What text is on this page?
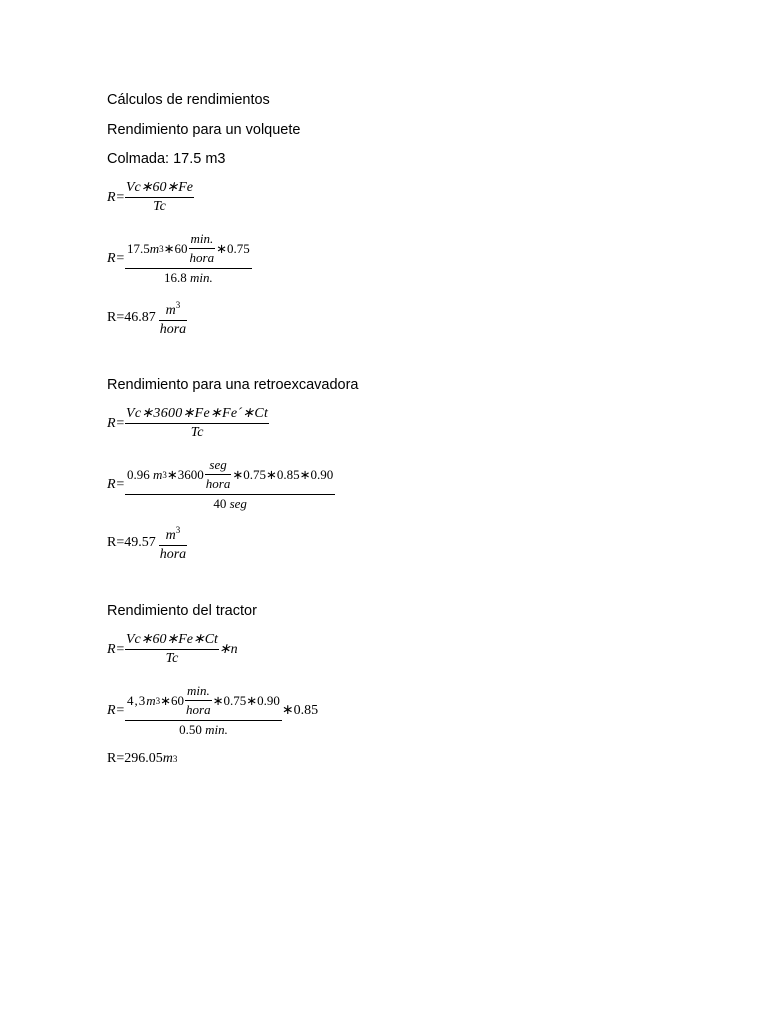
Cálculos de rendimientos
Rendimiento para un volquete
Colmada: 17.5 m3
$R= \frac{Vc∗60∗Fe}{Tc}$
R=
17.5 m 3 ∗60 $\frac{\min.}{\text{hora}}$ ∗0.75
16.8 min.
$R=46.87 \frac{m^3}{\text{hora}}$
Rendimiento para una retroexcavadora
$R= \frac{Vc∗3600∗Fe∗Fe´∗Ct}{Tc}$
R=
0.96
m 3 ∗3600 $\frac{\text{seg}}{\text{hora}}$ ∗0.75∗0.85∗0.90
40 seg
$R=49.57 \frac{m^3}{\text{hora}}$
Rendimiento del tractor
$R= \frac{Vc∗60∗Fe∗Ct}{Tc}$ ∗n
R=
4,3 m 3 ∗60 $\frac{\min.}{\text{hora}}$ ∗0.75∗0.90
0.50 min.
∗0.85
R=296.05 m 3
